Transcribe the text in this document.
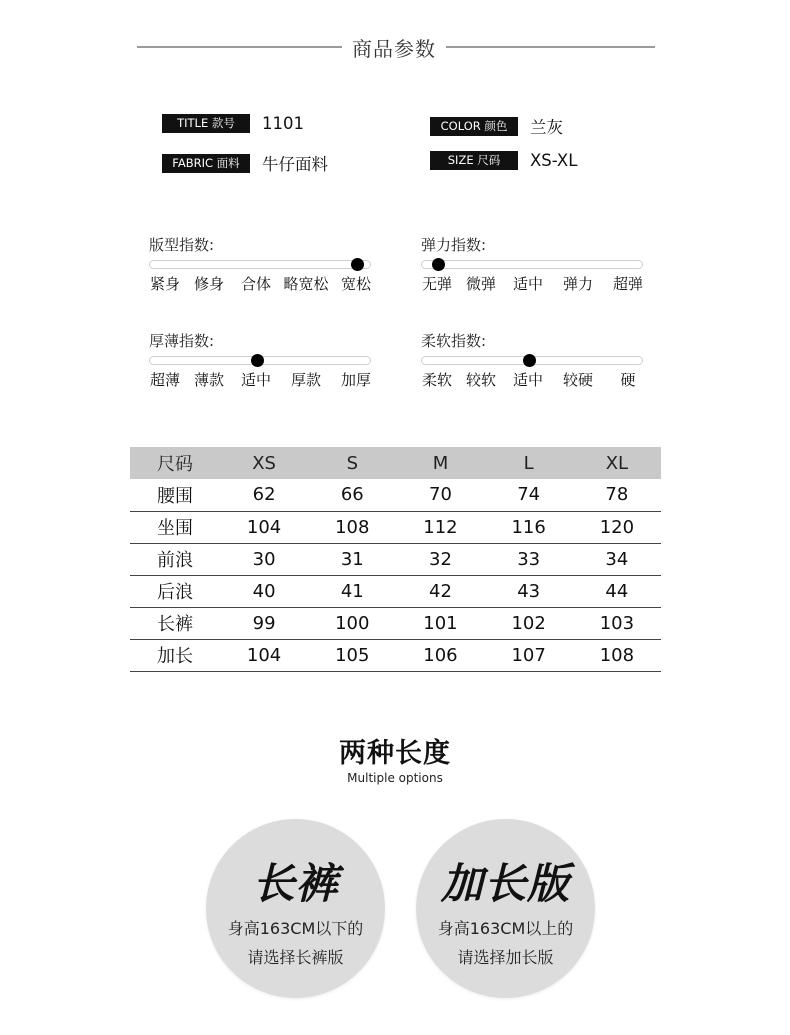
商品参数
TITLE 款号	1101	COLOR 颜色	兰灰
FABRIC 面料	牛仔面料	SIZE 尺码	XS-XL
版型指数:
紧身 修身 合体 略宽松 宽松
弹力指数:
无弹 微弹 适中 弹力 超弹
厚薄指数:
超薄 薄款 适中 厚款 加厚
柔软指数:
柔软 较软 适中 较硬 硬
尺码	XS	S	M	L	XL
腰围	62	66	70	74	78
坐围	104	108	112	116	120
前浪	30	31	32	33	34
后浪	40	41	42	43	44
长裤	99	100	101	102	103
加长	104	105	106	107	108
两种长度
Multiple options
长裤
身高163CM以下的
请选择长裤版
加长版
身高163CM以上的
请选择加长版
